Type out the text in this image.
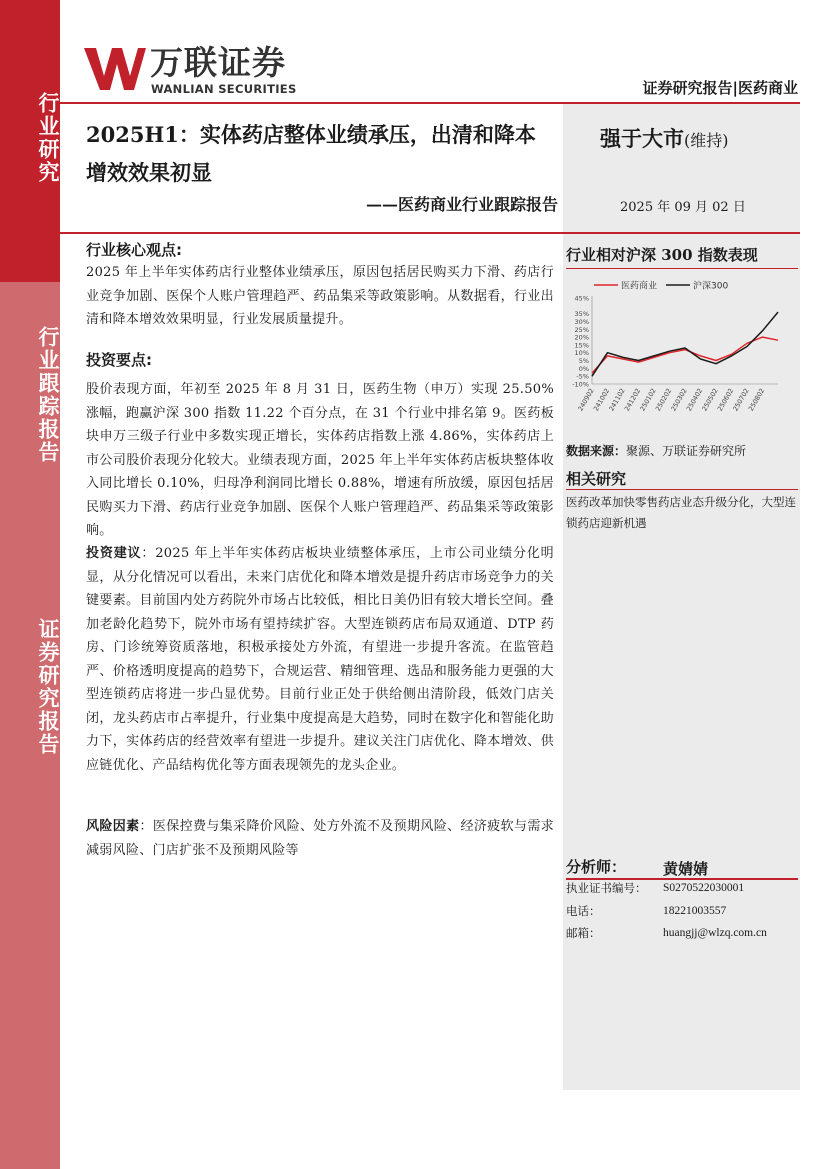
行业研究
行业跟踪报告
证券研究报告
万联证券
WANLIAN SECURITIES	证券研究报告|医药商业
2025H1：实体药店整体业绩承压，出清和降本增效效果初显
——医药商业行业跟踪报告
强于大市(维持)
2025 年 09 月 02 日
行业核心观点:
2025 年上半年实体药店行业整体业绩承压，原因包括居民购买力下滑、药店行业竞争加剧、医保个人账户管理趋严、药品集采等政策影响。从数据看，行业出清和降本增效效果明显，行业发展质量提升。
投资要点:
股价表现方面，年初至 2025 年 8 月 31 日，医药生物（申万）实现 25.50%涨幅，跑赢沪深 300 指数 11.22 个百分点，在 31 个行业中排名第 9。医药板块申万三级子行业中多数实现正增长，实体药店指数上涨 4.86%，实体药店上市公司股价表现分化较大。业绩表现方面，2025 年上半年实体药店板块整体收入同比增长 0.10%，归母净利润同比增长 0.88%，增速有所放缓，原因包括居民购买力下滑、药店行业竞争加剧、医保个人账户管理趋严、药品集采等政策影响。
投资建议：2025 年上半年实体药店板块业绩整体承压，上市公司业绩分化明显，从分化情况可以看出，未来门店优化和降本增效是提升药店市场竞争力的关键要素。目前国内处方药院外市场占比较低，相比日美仍旧有较大增长空间。叠加老龄化趋势下，院外市场有望持续扩容。大型连锁药店布局双通道、DTP 药房、门诊统筹资质落地，积极承接处方外流，有望进一步提升客流。在监管趋严、价格透明度提高的趋势下，合规运营、精细管理、选品和服务能力更强的大型连锁药店将进一步凸显优势。目前行业正处于供给侧出清阶段，低效门店关闭，龙头药店市占率提升，行业集中度提高是大趋势，同时在数字化和智能化助力下，实体药店的经营效率有望进一步提升。建议关注门店优化、降本增效、供应链优化、产品结构优化等方面表现领先的龙头企业。
风险因素：医保控费与集采降价风险、处方外流不及预期风险、经济疲软与需求减弱风险、门店扩张不及预期风险等
行业相对沪深 300 指数表现
医药商业	沪深300
45%
35%
30%
25%
20%
15%
10%
5%
0%
-5%
-10%
240902
241002
241102
241202
250102
250202
250302
250402
250502
250602
250702
250802
数据来源：聚源、万联证券研究所
相关研究
医药改革加快零售药店业态升级分化，大型连锁药店迎新机遇
分析师： 黄婧婧
执业证书编号： S0270522030001
电话：	18221003557
邮箱：	huangjj@wlzq.com.cn
